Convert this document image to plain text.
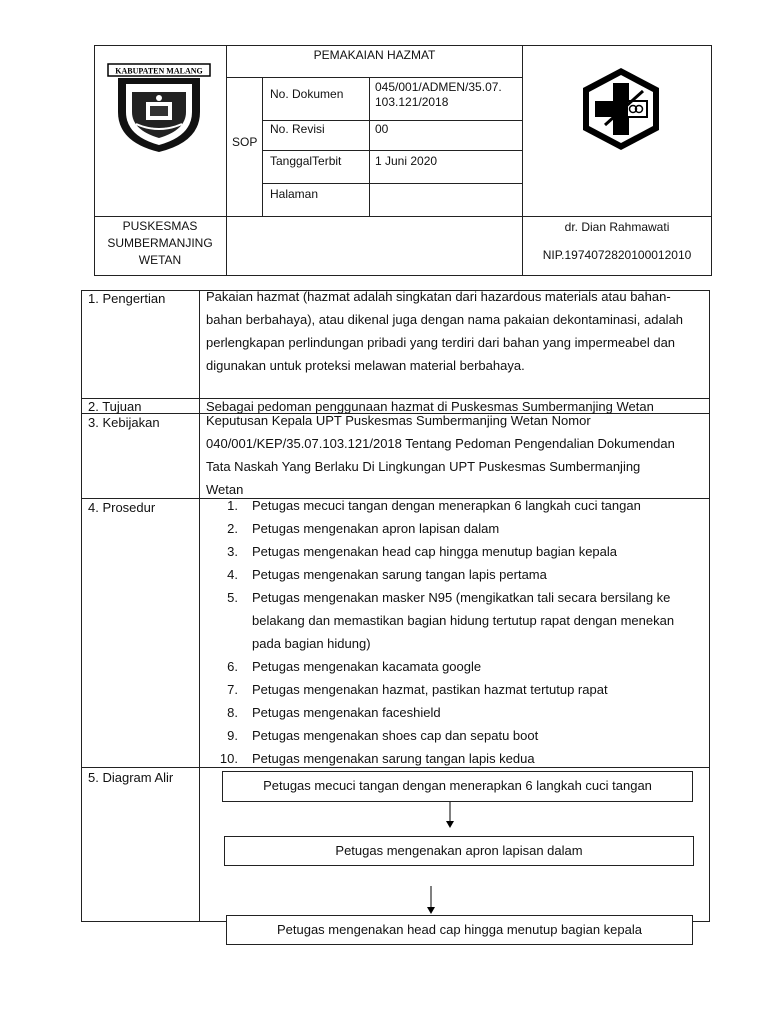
KABUPATEN MALANG
PEMAKAIAN HAZMAT
SOP
No. Dokumen	045/001/ADMEN/35.07.
103.121/2018
No. Revisi	00
TanggalTerbit	1 Juni 2020
Halaman
PUSKESMAS
SUMBERMANJING
WETAN
dr. Dian Rahmawati
NIP.1974072820100012010
1. Pengertian	Pakaian hazmat (hazmat adalah singkatan dari hazardous materials atau bahan-bahan berbahaya), atau dikenal juga dengan nama pakaian dekontaminasi, adalah perlengkapan perlindungan pribadi yang terdiri dari bahan yang impermeabel dan digunakan untuk proteksi melawan material berbahaya.
2. Tujuan	Sebagai pedoman penggunaan hazmat di Puskesmas Sumbermanjing Wetan
3. Kebijakan	Keputusan Kepala UPT Puskesmas Sumbermanjing Wetan Nomor 040/001/KEP/35.07.103.121/2018 Tentang Pedoman Pengendalian Dokumendan Tata Naskah Yang Berlaku Di Lingkungan UPT Puskesmas Sumbermanjing Wetan
4. Prosedur	1. Petugas mecuci tangan dengan menerapkan 6 langkah cuci tangan
2. Petugas mengenakan apron lapisan dalam
3. Petugas mengenakan head cap hingga menutup bagian kepala
4. Petugas mengenakan sarung tangan lapis pertama
5. Petugas mengenakan masker N95 (mengikatkan tali secara bersilang ke belakang dan memastikan bagian hidung tertutup rapat dengan menekan pada bagian hidung)
6. Petugas mengenakan kacamata google
7. Petugas mengenakan hazmat, pastikan hazmat tertutup rapat
8. Petugas mengenakan faceshield
9. Petugas mengenakan shoes cap dan sepatu boot
10. Petugas mengenakan sarung tangan lapis kedua
5. Diagram Alir
Petugas mecuci tangan dengan menerapkan 6 langkah cuci tangan
Petugas mengenakan apron lapisan dalam
Petugas mengenakan head cap hingga menutup bagian kepala
